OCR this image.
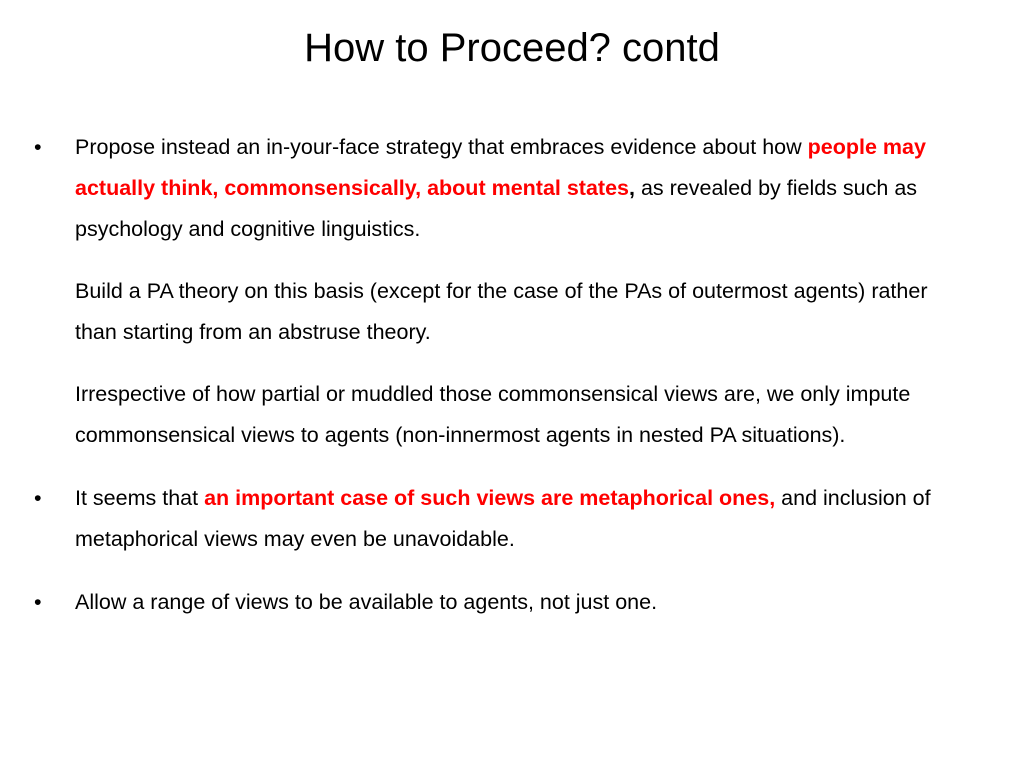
How to Proceed? contd
•	Propose instead an in-your-face strategy that embraces evidence about how people may actually think, commonsensically, about mental states, as revealed by fields such as psychology and cognitive linguistics.
Build a PA theory on this basis (except for the case of the PAs of outermost agents) rather than starting from an abstruse theory.
Irrespective of how partial or muddled those commonsensical views are, we only impute commonsensical views to agents (non-innermost agents in nested PA situations).
•	It seems that an important case of such views are metaphorical ones, and inclusion of metaphorical views may even be unavoidable.
•	Allow a range of views to be available to agents, not just one.
